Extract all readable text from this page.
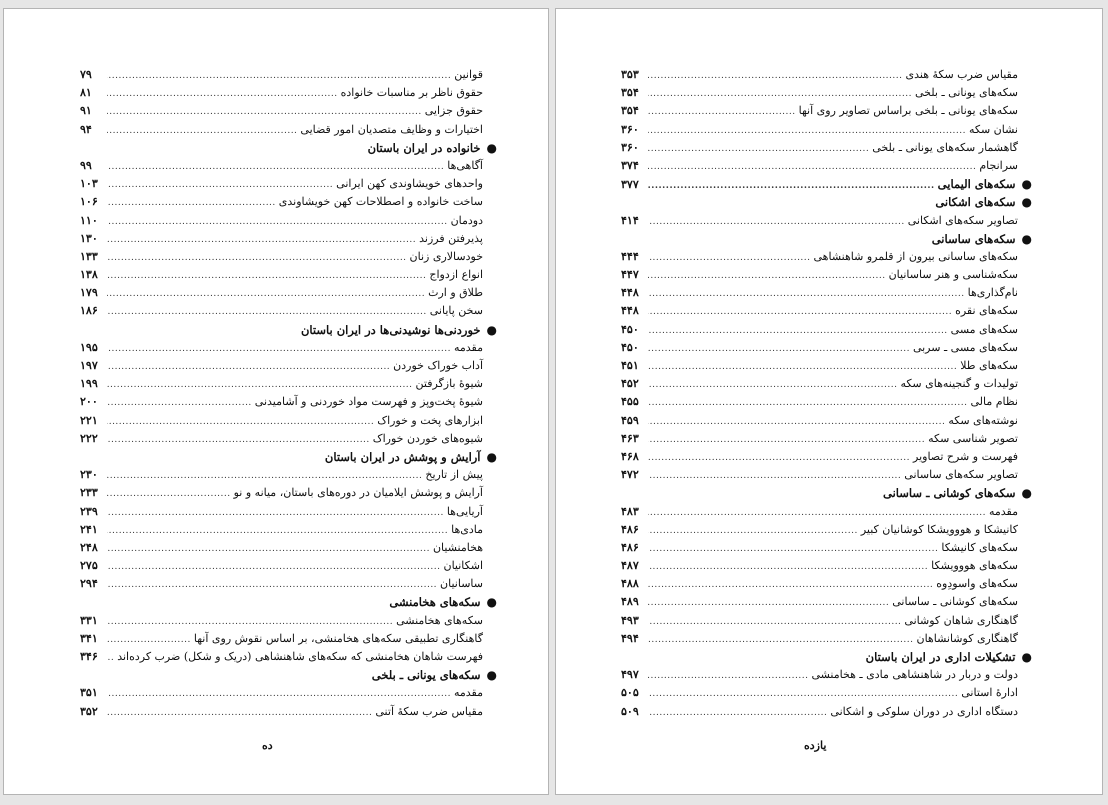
قوانین
.....
۷۹
حقوق ناظر بر مناسبات خانواده
.....
۸۱
حقوق جزایی
.....
۹۱
اختیارات و وظایف متصدیان امور قضایی
.....
۹۴
●
خانواده در ایران باستان
آگاهی‌ها
.....
۹۹
واحدهای خویشاوندی کهن ایرانی
.....
۱۰۳
ساخت خانواده و اصطلاحات کهن خویشاوندی
.....
۱۰۶
دودمان
.....
۱۱۰
پذیرفتن فرزند
.....
۱۳۰
خودسالاری زنان
.....
۱۳۳
انواع ازدواج
.....
۱۳۸
طلاق و ارث
.....
۱۷۹
سخن پایانی
.....
۱۸۶
●
خوردنی‌ها نوشیدنی‌ها در ایران باستان
مقدمه
.....
۱۹۵
آداب خوراک خوردن
.....
۱۹۷
شیوهٔ بازگرفتن
.....
۱۹۹
شیوهٔ پخت‌وپز و فهرست مواد خوردنی و آشامیدنی
.....
۲۰۰
ابزارهای پخت و خوراک
.....
۲۲۱
شیوه‌های خوردن خوراک
.....
۲۲۲
●
آرایش و پوشش در ایران باستان
پیش از تاریخ
.....
۲۳۰
آرایش و پوشش ایلامیان در دوره‌های باستان، میانه و نو
.....
۲۳۳
آریایی‌ها
.....
۲۳۹
مادی‌ها
.....
۲۴۱
هخامنشیان
.....
۲۴۸
اشکانیان
.....
۲۷۵
ساسانیان
.....
۲۹۴
●
سکه‌های هخامنشی
سکه‌های هخامنشی
.....
۳۳۱
گاهنگاری تطبیقی سکه‌های هخامنشی، بر اساس نقوش روی آنها
.....
۳۴۱
فهرست شاهان هخامنشی که سکه‌های شاهنشاهی (دریک و شکل) ضرب کرده‌اند
.....
۳۴۶
●
سکه‌های یونانی ـ بلخی
مقدمه
.....
۳۵۱
مقیاس ضرب سکهٔ آتنی
.....
۳۵۲
ده
مقیاس ضرب سکهٔ هندی
.....
۳۵۳
سکه‌های یونانی ـ بلخی
.....
۳۵۴
سکه‌های یونانی ـ بلخی براساس تصاویر روی آنها
.....
۳۵۴
نشان سکه
.....
۳۶۰
گاهشمار سکه‌های یونانی ـ بلخی
.....
۳۶۰
سرانجام
.....
۳۷۴
●
سکه‌های الیمایی
.....
۳۷۷
●
سکه‌های اشکانی
تصاویر سکه‌های اشکانی
.....
۴۱۴
●
سکه‌های ساسانی
سکه‌های ساسانی بیرون از قلمرو شاهنشاهی
.....
۴۴۴
سکه‌شناسی و هنر ساسانیان
.....
۴۴۷
نام‌گذاری‌ها
.....
۴۴۸
سکه‌های نقره
.....
۴۴۸
سکه‌های مسی
.....
۴۵۰
سکه‌های مسی ـ سربی
.....
۴۵۰
سکه‌های طلا
.....
۴۵۱
تولیدات و گنجینه‌های سکه
.....
۴۵۲
نظام مالی
.....
۴۵۵
نوشته‌های سکه
.....
۴۵۹
تصویر شناسی سکه
.....
۴۶۳
فهرست و شرح تصاویر
.....
۴۶۸
تصاویر سکه‌های ساسانی
.....
۴۷۲
●
سکه‌های کوشانی ـ ساسانی
مقدمه
.....
۴۸۳
کانیشکا و هووویشکا کوشانیان کبیر
.....
۴۸۶
سکه‌های کانیشکا
.....
۴۸۶
سکه‌های هووویشکا
.....
۴۸۷
سکه‌های واسودِوه
.....
۴۸۸
سکه‌های کوشانی ـ ساسانی
.....
۴۸۹
گاهنگاری شاهان کوشانی
.....
۴۹۳
گاهنگاری کوشانشاهان
.....
۴۹۴
●
تشکیلات اداری در ایران باستان
دولت و دربار در شاهنشاهی مادی ـ هخامنشی
.....
۴۹۷
ادارهٔ استانی
.....
۵۰۵
دستگاه اداری در دوران سلوکی و اشکانی
.....
۵۰۹
یازده
